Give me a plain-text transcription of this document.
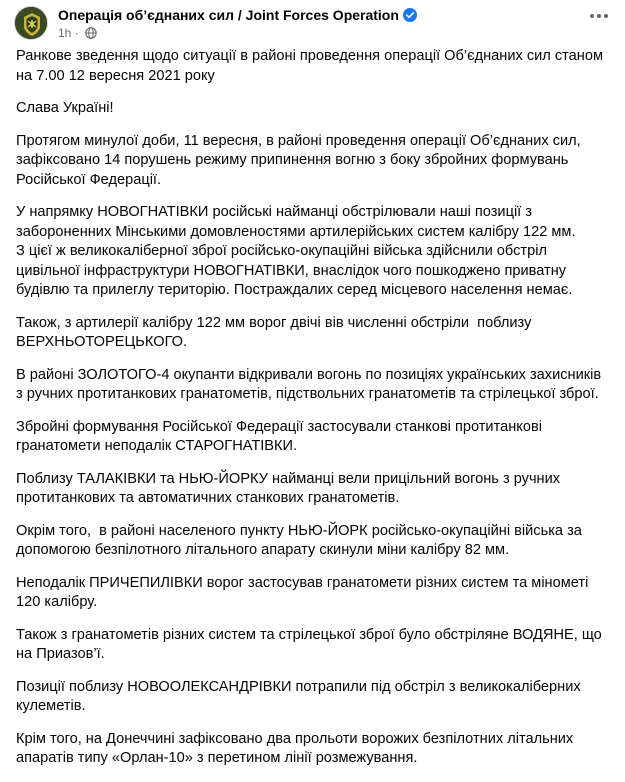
Операція об’єднаних сил / Joint Forces Operation
1h ·

Ранкове зведення щодо ситуації в районі проведення операції Об’єднаних сил станом на 7.00 12 вересня 2021 року

Слава Україні!

Протягом минулої доби, 11 вересня, в районі проведення операції Об’єднаних сил, зафіксовано 14 порушень режиму припинення вогню з боку збройних формувань Російської Федерації.

У напрямку НОВОГНАТІВКИ російські найманці обстрілювали наші позиції з забороненних Мінськими домовленостями артилерійських систем калібру 122 мм.
З цієї ж великокаліберної зброї російсько-окупаційні війська здійснили обстріл цивільної інфраструктури НОВОГНАТІВКИ, внаслідок чого пошкоджено приватну будівлю та прилеглу територію. Постраждалих серед місцевого населення немає.

Також, з артилерії калібру 122 мм ворог двічі вів численні обстріли  поблизу ВЕРХНЬОТОРЕЦЬКОГО.

В районі ЗОЛОТОГО-4 окупанти відкривали вогонь по позиціях українських захисників з ручних протитанкових гранатометів, підствольних гранатометів та стрілецької зброї.

Збройні формування Російської Федерації застосували станкові протитанкові гранатомети неподалік СТАРОГНАТІВКИ.

Поблизу ТАЛАКІВКИ та НЬЮ-ЙОРКУ найманці вели прицільний вогонь з ручних протитанкових та автоматичних станкових гранатометів.

Окрім того,  в районі населеного пункту НЬЮ-ЙОРК російсько-окупаційні війська за допомогою безпілотного літального апарату скинули міни калібру 82 мм.

Неподалік ПРИЧЕПИЛІВКИ ворог застосував гранатомети різних систем та мінометі 120 калібру.

Також з гранатометів різних систем та стрілецької зброї було обстріляне ВОДЯНЕ, що на Приазов’ї.

Позиції поблизу НОВООЛЕКСАНДРІВКИ потрапили під обстріл з великокаліберних кулеметів.

Крім того, на Донеччині зафіксовано два прольоти ворожих безпілотних літальних апаратів типу «Орлан-10» з перетином лінії розмежування.
